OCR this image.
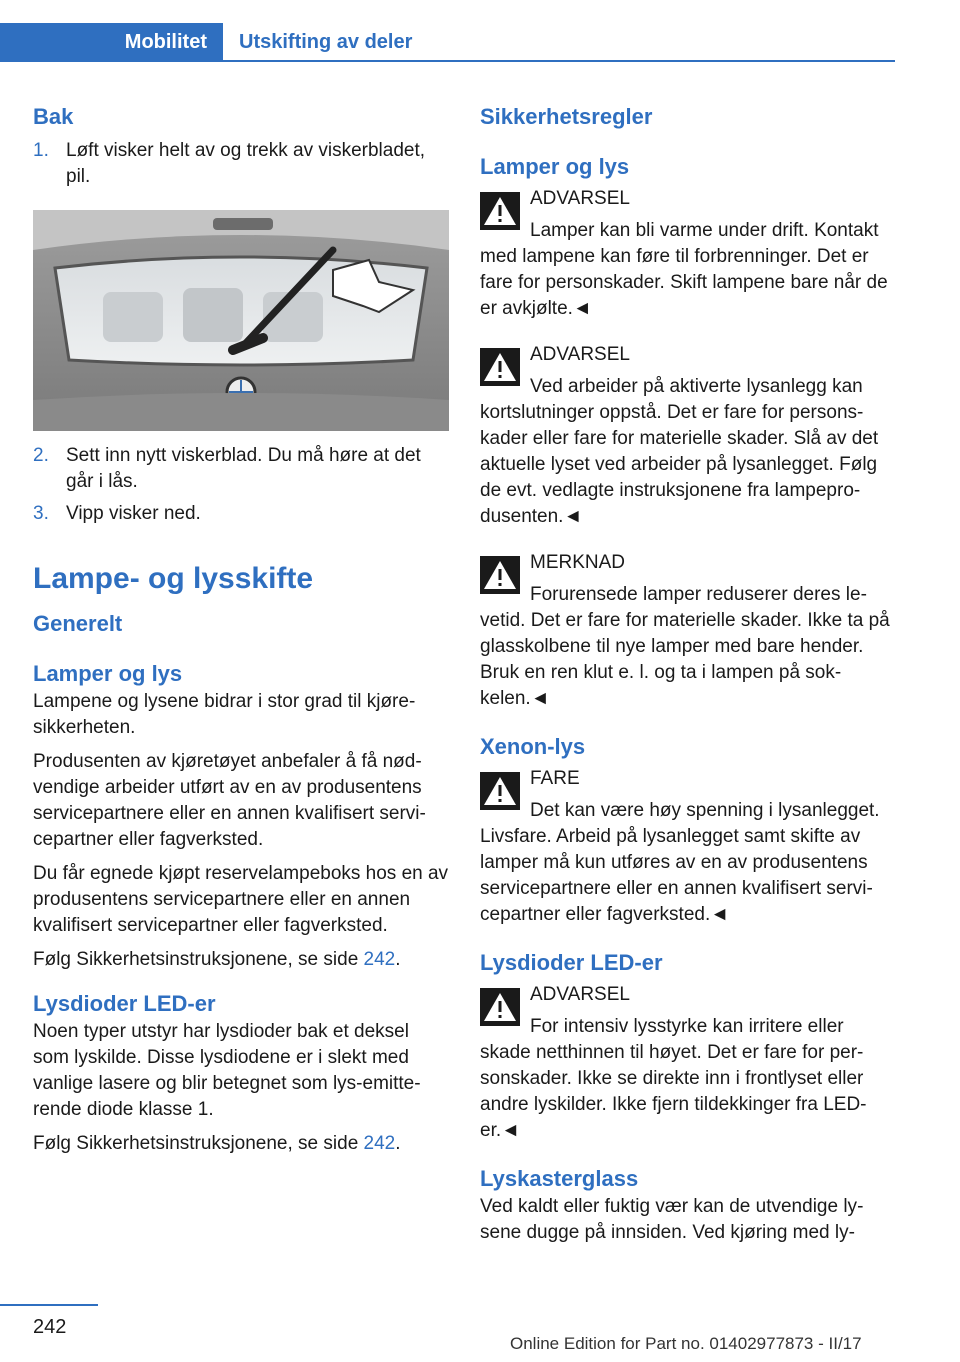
Mobilitet	Utskifting av deler
Bak
1. Løft visker helt av og trekk av viskerbladet, pil.
2. Sett inn nytt viskerblad. Du må høre at det går i lås.
3. Vipp visker ned.
Lampe- og lysskifte
Generelt
Lamper og lys

Lampene og lysene bidrar i stor grad til kjøresikkerheten.

Produsenten av kjøretøyet anbefaler å få nødvendige arbeider utført av en av produsentens servicepartnere eller en annen kvalifisert servicepartner eller fagverksted.

Du får egnede kjøpt reservelampeboks hos en av produsentens servicepartnere eller en annen kvalifisert servicepartner eller fagverksted.

Følg Sikkerhetsinstruksjonene, se side 242.

Lysdioder LED-er

Noen typer utstyr har lysdioder bak et deksel som lyskilde. Disse lysdiodene er i slekt med vanlige lasere og blir betegnet som lys-emitterende diode klasse 1.

Følg Sikkerhetsinstruksjonene, se side 242.

Sikkerhetsregler
Lamper og lys
ADVARSEL
Lamper kan bli varme under drift. Kontakt med lampene kan føre til forbrenninger. Det er fare for personskader. Skift lampene bare når de er avkjølte.◄
ADVARSEL
Ved arbeider på aktiverte lysanlegg kan kortslutninger oppstå. Det er fare for personskader eller fare for materielle skader. Slå av det aktuelle lyset ved arbeider på lysanlegget. Følg de evt. vedlagte instruksjonene fra lampeprodusenten.◄
MERKNAD
Forurensede lamper reduserer deres levetid. Det er fare for materielle skader. Ikke ta på glasskolbene til nye lamper med bare hender. Bruk en ren klut e. l. og ta i lampen på sokkelen.◄
Xenon-lys
FARE
Det kan være høy spenning i lysanlegget. Livsfare. Arbeid på lysanlegget samt skifte av lamper må kun utføres av en av produsentens servicepartnere eller en annen kvalifisert servicepartner eller fagverksted.◄
Lysdioder LED-er
ADVARSEL
For intensiv lysstyrke kan irritere eller skade netthinnen til høyet. Det er fare for personskader. Ikke se direkte inn i frontlyset eller andre lyskilder. Ikke fjern tildekkinger fra LED-er.◄
Lyskasterglass

Ved kaldt eller fuktig vær kan de utvendige lysene dugge på innsiden. Ved kjøring med ly-

242
Online Edition for Part no. 01402977873 - II/17
